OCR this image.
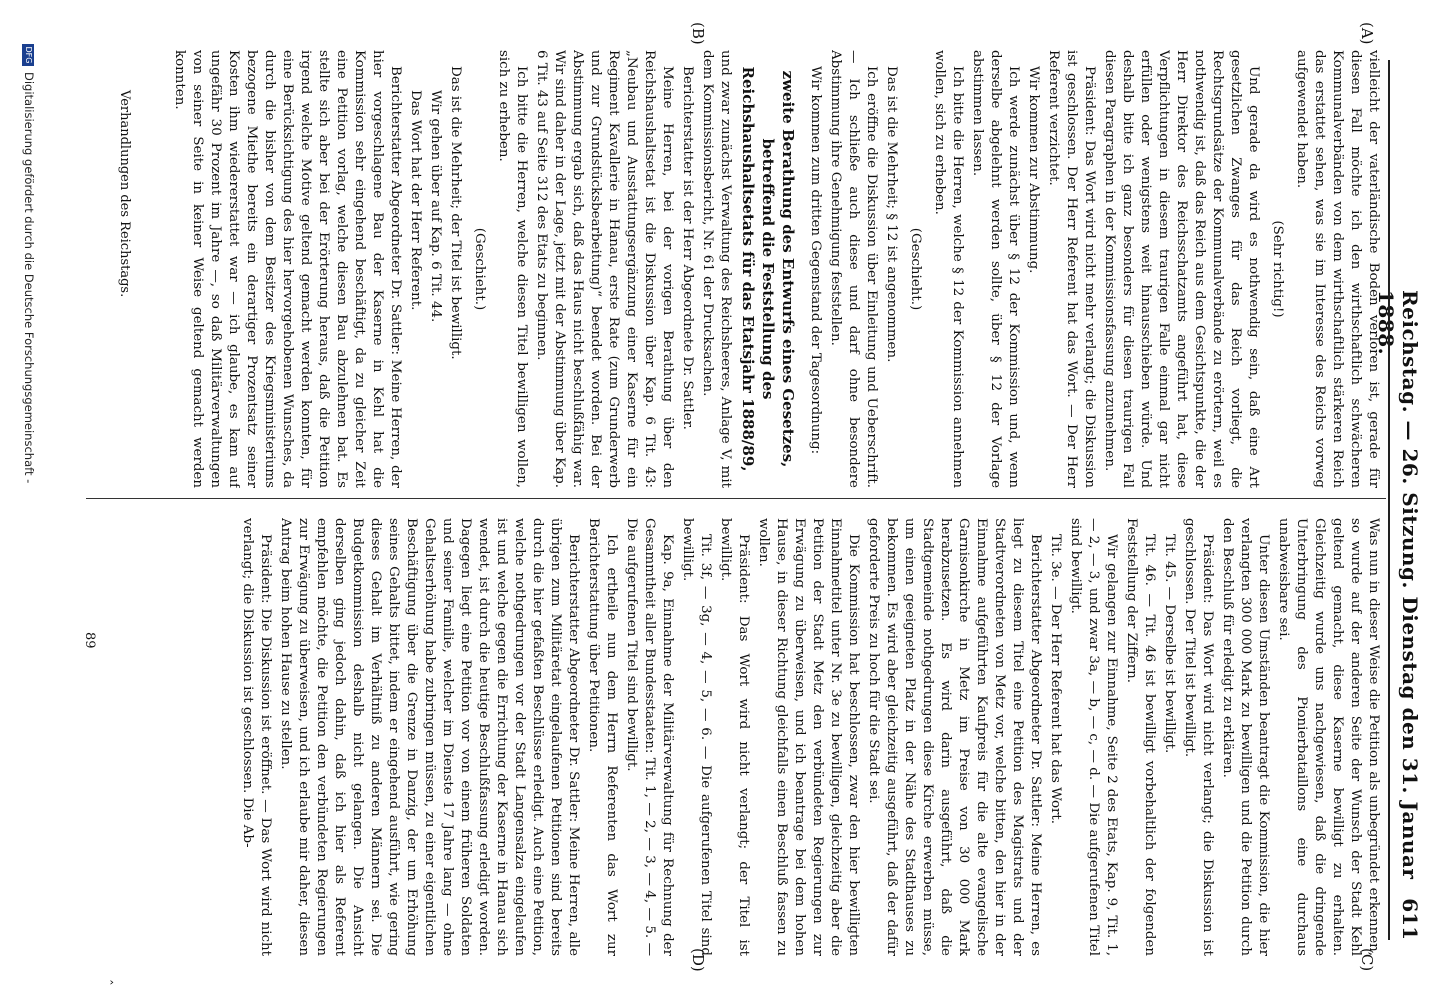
Reichstag. — 26. Sitzung. Dienstag den 31. Januar 1888.
611
(A)
(B)
(C)
(D)

vielleicht der vaterländische Boden verloren ist, gerade für diesen Fall möchte ich den wirthschaftlich schwächeren Kommunalverbänden von dem wirthschaftlich stärkeren Reich das erstattet sehen, was sie im Interesse des Reichs vorweg aufgewendet haben.

(Sehr richtig!)

Und gerade da wird es nothwendig sein, daß eine Art gesetzlichen Zwanges für das Reich vorliegt, die Rechtsgrundsätze der Kommunalverbände zu erörtern, weil es nothwendig ist, daß das Reich aus dem Gesichtspunkte, die der Herr Direktor des Reichsschatzamts angeführt hat, diese Verpflichtungen in diesem traurigen Falle einmal gar nicht erfüllen oder wenigstens weit hinausschieben würde. Und deshalb bitte ich ganz besonders für diesen traurigen Fall diesen Paragraphen in der Kommissionsfassung anzunehmen.

Präsident: Das Wort wird nicht mehr verlangt; die Diskussion ist geschlossen. Der Herr Referent hat das Wort. — Der Herr Referent verzichtet.

Wir kommen zur Abstimmung.

Ich werde zunächst über § 12 der Kommission und, wenn derselbe abgelehnt werden sollte, über § 12 der Vorlage abstimmen lassen.

Ich bitte die Herren, welche § 12 der Kommission annehmen wollen, sich zu erheben.

(Geschieht.)

Das ist die Mehrheit; § 12 ist angenommen.

Ich eröffne die Diskussion über Einleitung und Ueberschrift. — Ich schließe auch diese und darf ohne besondere Abstimmung ihre Genehmigung feststellen.

Wir kommen zum dritten Gegenstand der Tagesordnung:

zweite Berathung des Entwurfs eines Gesetzes, betreffend die Feststellung des Reichshaushaltsetats für das Etatsjahr 1888/89,

und zwar zunächst Verwaltung des Reichsheeres, Anlage V, mit dem Kommissionsbericht, Nr. 61 der Drucksachen.

Berichterstatter ist der Herr Abgeordnete Dr. Sattler.

Meine Herren, bei der vorigen Berathung über den Reichshaushaltsetat ist die Diskussion über Kap. 6 Tit. 43: „Neubau und Ausstattungsergänzung einer Kaserne für ein Regiment Kavallerie in Hanau, erste Rate (zum Grunderwerb und zur Grundstücksbearbeitung)“ beendet worden. Bei der Abstimmung ergab sich, daß das Haus nicht beschlußfähig war. Wir sind daher in der Lage, jetzt mit der Abstimmung über Kap. 6 Tit. 43 auf Seite 312 des Etats zu beginnen.

Ich bitte die Herren, welche diesen Titel bewilligen wollen, sich zu erheben.

(Geschieht.)

Das ist die Mehrheit; der Titel ist bewilligt.

Wir gehen über auf Kap. 6 Tit. 44.

Das Wort hat der Herr Referent.

Berichterstatter Abgeordneter Dr. Sattler: Meine Herren, der hier vorgeschlagene Bau der Kaserne in Kehl hat die Kommission sehr eingehend beschäftigt, da zu gleicher Zeit eine Petition vorlag, welche diesen Bau abzulehnen bat. Es stellte sich aber bei der Erörterung heraus, daß die Petition irgend welche Motive geltend gemacht werden konnten, für eine Berücksichtigung des hier hervorgehobenen Wunsches, da durch die bisher von dem Besitzer des Kriegsministeriums bezogene Miethe bereits ein derartiger Prozentsatz seiner Kosten ihm wiedererstattet war — ich glaube, es kam auf ungefähr 30 Prozent im Jahre —, so daß Militärverwaltungen von seiner Seite in keiner Weise geltend gemacht werden konnten.

Was nun in dieser Weise die Petition als unbegründet erkennen, so wurde auf der anderen Seite der Wunsch der Stadt Kehl geltend gemacht, diese Kaserne bewilligt zu erhalten. Gleichzeitig wurde uns nachgewiesen, daß die dringende Unterbringung des Pionierbataillons eine durchaus unabweisbare sei.

Unter diesen Umständen beantragt die Kommission, die hier verlangten 300 000 Mark zu bewilligen und die Petition durch den Beschluß für erledigt zu erklären.

Präsident: Das Wort wird nicht verlangt; die Diskussion ist geschlossen. Der Titel ist bewilligt.

Tit. 45. — Derselbe ist bewilligt.

Tit. 46. — Tit. 46 ist bewilligt vorbehaltlich der folgenden Feststellung der Ziffern.

Wir gelangen zur Einnahme, Seite 2 des Etats, Kap. 9, Tit. 1, — 2, — 3, und zwar 3a, — b, — c, — d. — Die aufgerufenen Titel sind bewilligt.

Tit. 3e. — Der Herr Referent hat das Wort.

Berichterstatter Abgeordneter Dr. Sattler: Meine Herren, es liegt zu diesem Titel eine Petition des Magistrats und der Stadtverordneten von Metz vor, welche bitten, den hier in der Einnahme aufgeführten Kaufpreis für die alte evangelische Garnisonkirche in Metz im Preise von 30 000 Mark herabzusetzen. Es wird darin ausgeführt, daß die Stadtgemeinde nothgedrungen diese Kirche erwerben müsse, um einen geeigneten Platz in der Nähe des Stadthauses zu bekommen. Es wird aber gleichzeitig ausgeführt, daß der dafür geforderte Preis zu hoch für die Stadt sei.

Die Kommission hat beschlossen, zwar den hier bewilligten Einnahmetitel unter Nr. 3e zu bewilligen, gleichzeitig aber die Petition der Stadt Metz den verbündeten Regierungen zur Erwägung zu überweisen, und ich beantrage bei dem hohen Hause, in dieser Richtung gleichfalls einen Beschluß fassen zu wollen.

Präsident: Das Wort wird nicht verlangt; der Titel ist bewilligt.

Tit. 3f, — 3g, — 4, — 5, — 6. — Die aufgerufenen Titel sind bewilligt.

Kap. 9a, Einnahme der Militärverwaltung für Rechnung der Gesammtheit aller Bundesstaaten: Tit. 1, — 2, — 3, — 4, — 5. — Die aufgerufenen Titel sind bewilligt.

Ich ertheile nun dem Herrn Referenten das Wort zur Berichterstattung über Petitionen.

Berichterstatter Abgeordneter Dr. Sattler: Meine Herren, alle übrigen zum Militäretat eingelaufenen Petitionen sind bereits durch die hier gefaßten Beschlüsse erledigt. Auch eine Petition, welche nothgedrungen vor der Stadt Langensalza eingelaufen ist und welche gegen die Errichtung der Kaserne in Hanau sich wendet, ist durch die heutige Beschlußfassung erledigt worden. Dagegen liegt eine Petition vor von einem früheren Soldaten und seiner Familie, welcher im Dienste 17 Jahre lang — ohne Gehaltserhöhung habe zubringen müssen, zu einer eigentlichen Beschäftigung über die Grenze in Danzig, der um Erhöhung seines Gehalts bittet, indem er eingehend ausführt, wie gering dieses Gehalt im Verhältniß zu anderen Männern sei. Die Budgetkommission deshalb nicht gelangen. Die Ansicht derselben ging jedoch dahin, daß ich hier als Referent empfehlen möchte, die Petition den verbündeten Regierungen zur Erwägung zu überweisen, und ich erlaube mir daher, diesen Antrag beim hohen Hause zu stellen.

Präsident: Die Diskussion ist eröffnet. — Das Wort wird nicht verlangt; die Diskussion ist geschlossen. Die Ab-

Verhandlungen des Reichstags.
89
‸
DFGDigitalisierung gefördert durch die Deutsche Forschungsgemeinschaft -
